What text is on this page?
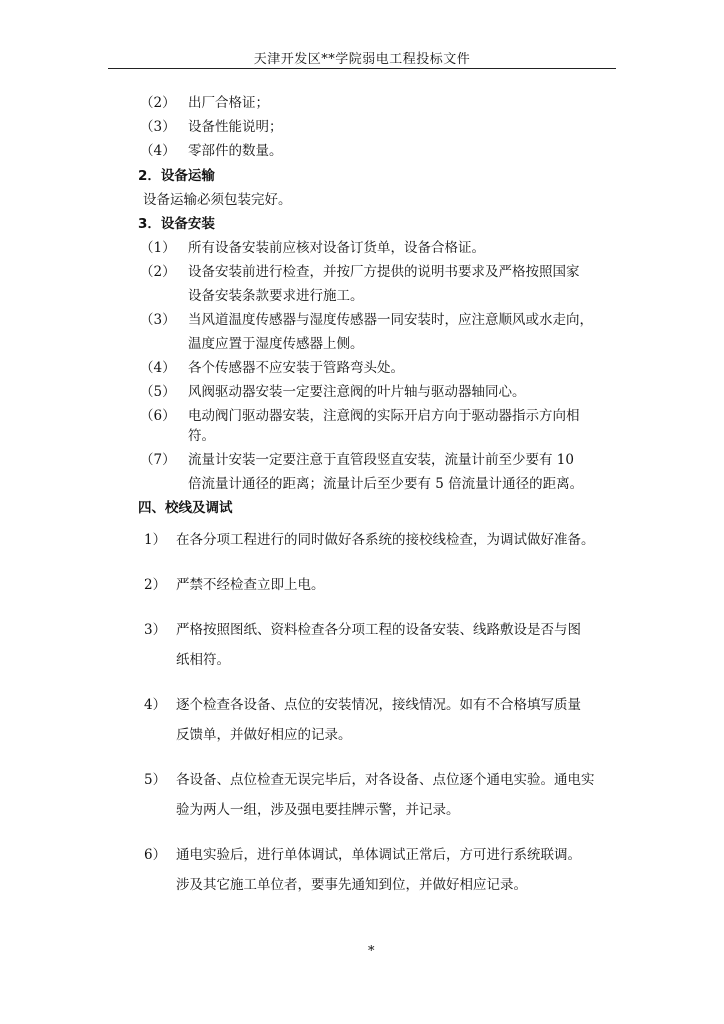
天津开发区**学院弱电工程投标文件
（2） 出厂合格证；
（3） 设备性能说明；
（4） 零部件的数量。
2．设备运输
设备运输必须包装完好。
3．设备安装
（1） 所有设备安装前应核对设备订货单，设备合格证。
（2） 设备安装前进行检查，并按厂方提供的说明书要求及严格按照国家
设备安装条款要求进行施工。
（3） 当风道温度传感器与湿度传感器一同安装时，应注意顺风或水走向，
温度应置于湿度传感器上侧。
（4） 各个传感器不应安装于管路弯头处。
（5） 风阀驱动器安装一定要注意阀的叶片轴与驱动器轴同心。
（6） 电动阀门驱动器安装，注意阀的实际开启方向于驱动器指示方向相
符。
（7） 流量计安装一定要注意于直管段竖直安装，流量计前至少要有 10
倍流量计通径的距离；流量计后至少要有 5 倍流量计通径的距离。
四、校线及调试
1） 在各分项工程进行的同时做好各系统的接校线检查，为调试做好准备。
2） 严禁不经检查立即上电。
3） 严格按照图纸、资料检查各分项工程的设备安装、线路敷设是否与图
纸相符。
4） 逐个检查各设备、点位的安装情况，接线情况。如有不合格填写质量
反馈单，并做好相应的记录。
5） 各设备、点位检查无误完毕后，对各设备、点位逐个通电实验。通电实
验为两人一组，涉及强电要挂牌示警，并记录。
6） 通电实验后，进行单体调试，单体调试正常后，方可进行系统联调。
涉及其它施工单位者，要事先通知到位，并做好相应记录。
*
